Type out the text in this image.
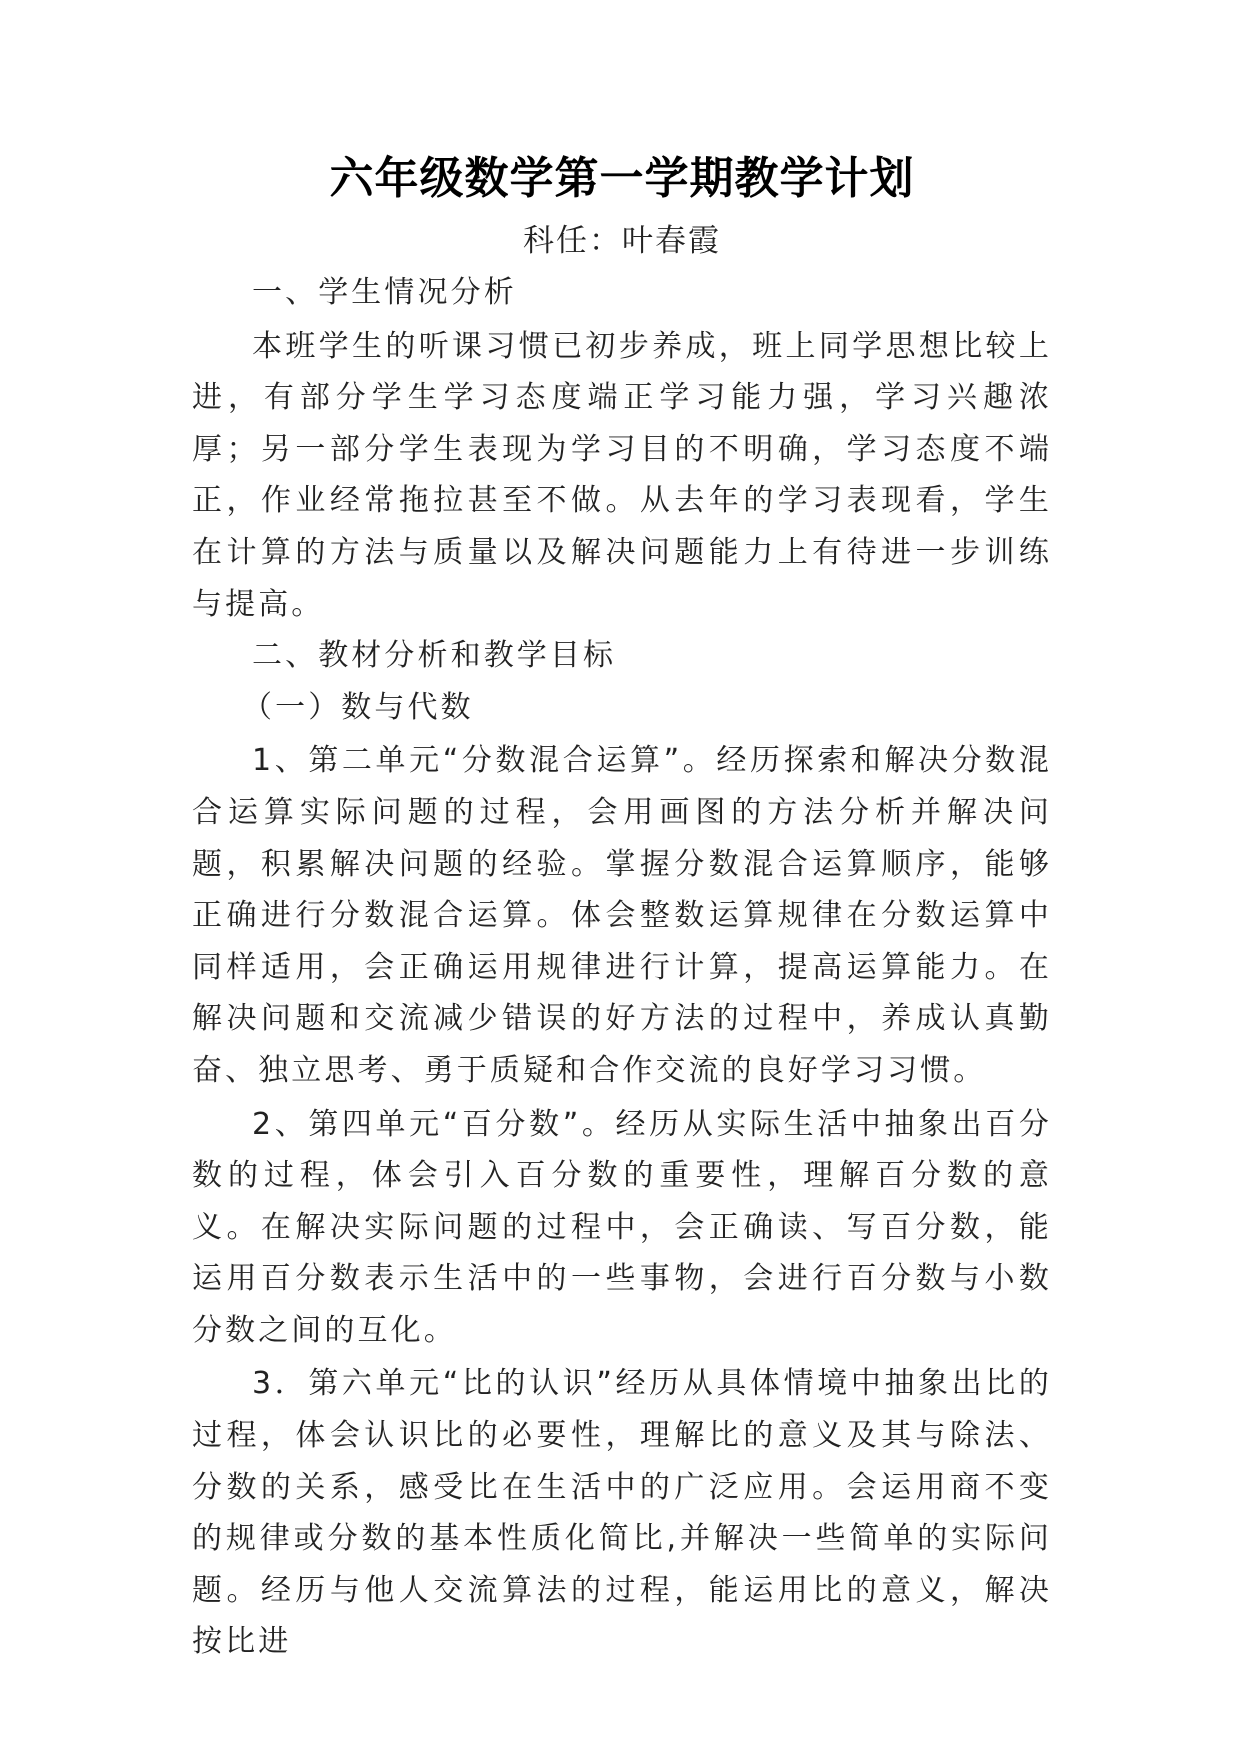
六年级数学第一学期教学计划

科任：叶春霞

一、学生情况分析

本班学生的听课习惯已初步养成，班上同学思想比较上进，有部分学生学习态度端正学习能力强，学习兴趣浓厚；另一部分学生表现为学习目的不明确，学习态度不端正，作业经常拖拉甚至不做。从去年的学习表现看，学生在计算的方法与质量以及解决问题能力上有待进一步训练与提高。

二、教材分析和教学目标

（一）数与代数

1、第二单元“分数混合运算”。经历探索和解决分数混合运算实际问题的过程，会用画图的方法分析并解决问题，积累解决问题的经验。掌握分数混合运算顺序，能够正确进行分数混合运算。体会整数运算规律在分数运算中同样适用，会正确运用规律进行计算，提高运算能力。在解决问题和交流减少错误的好方法的过程中，养成认真勤奋、独立思考、勇于质疑和合作交流的良好学习习惯。

2、第四单元“百分数”。经历从实际生活中抽象出百分数的过程，体会引入百分数的重要性，理解百分数的意义。在解决实际问题的过程中，会正确读、写百分数，能运用百分数表示生活中的一些事物，会进行百分数与小数分数之间的互化。

3．第六单元“比的认识”经历从具体情境中抽象出比的过程，体会认识比的必要性，理解比的意义及其与除法、分数的关系，感受比在生活中的广泛应用。会运用商不变的规律或分数的基本性质化简比,并解决一些简单的实际问题。经历与他人交流算法的过程，能运用比的意义，解决按比进
